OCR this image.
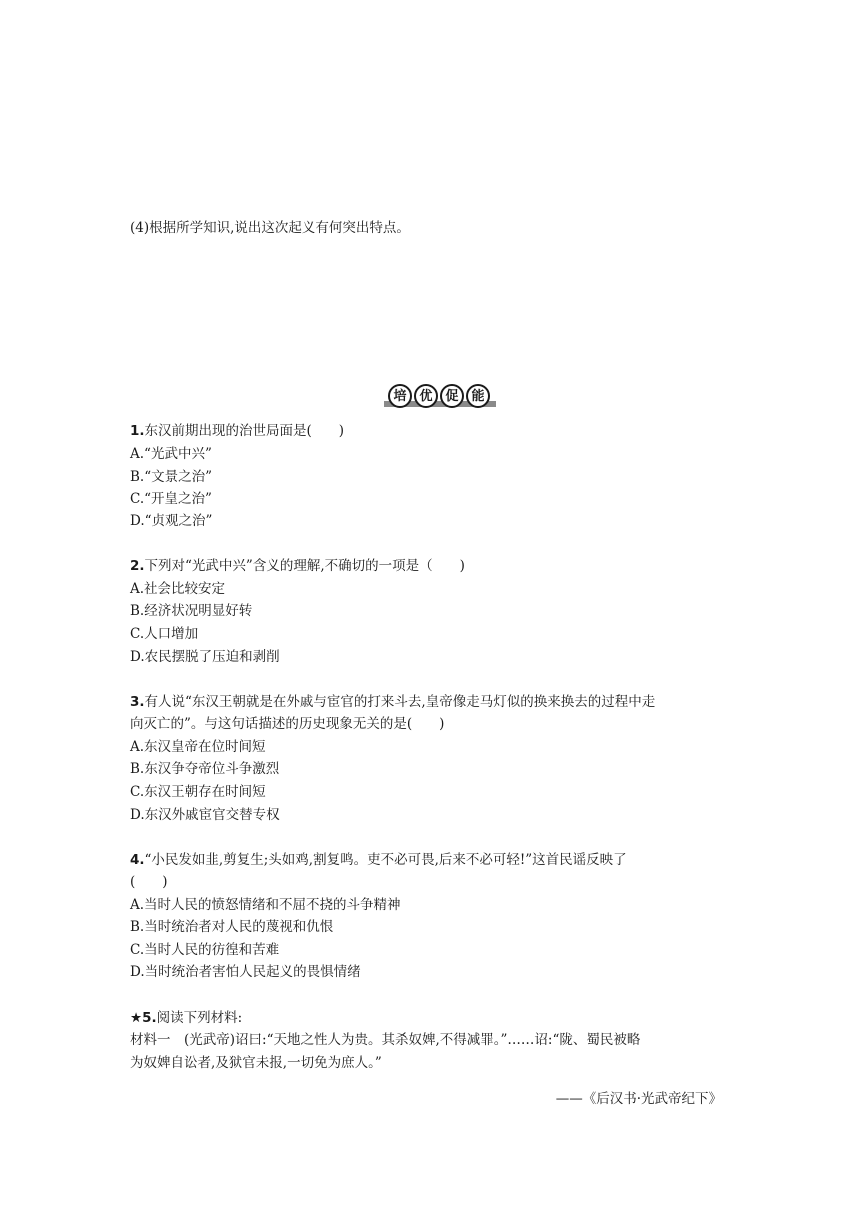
(4)根据所学知识,说出这次起义有何突出特点。

培 优 促 能

1.东汉前期出现的治世局面是(　　)

A.“光武中兴”

B.“文景之治”

C.“开皇之治”

D.“贞观之治”

2.下列对“光武中兴”含义的理解,不确切的一项是（　　)

A.社会比较安定

B.经济状况明显好转

C.人口增加

D.农民摆脱了压迫和剥削

3.有人说“东汉王朝就是在外戚与宦官的打来斗去,皇帝像走马灯似的换来换去的过程中走

向灭亡的”。与这句话描述的历史现象无关的是(　　)

A.东汉皇帝在位时间短

B.东汉争夺帝位斗争激烈

C.东汉王朝存在时间短

D.东汉外戚宦官交替专权

4.“小民发如韭,剪复生;头如鸡,割复鸣。吏不必可畏,后来不必可轻!”这首民谣反映了

(　　)

A.当时人民的愤怒情绪和不屈不挠的斗争精神

B.当时统治者对人民的蔑视和仇恨

C.当时人民的彷徨和苦难

D.当时统治者害怕人民起义的畏惧情绪

★5.阅读下列材料:

材料一　(光武帝)诏曰:“天地之性人为贵。其杀奴婢,不得减罪。”……诏:“陇、蜀民被略

为奴婢自讼者,及狱官未报,一切免为庶人。”

——《后汉书·光武帝纪下》
